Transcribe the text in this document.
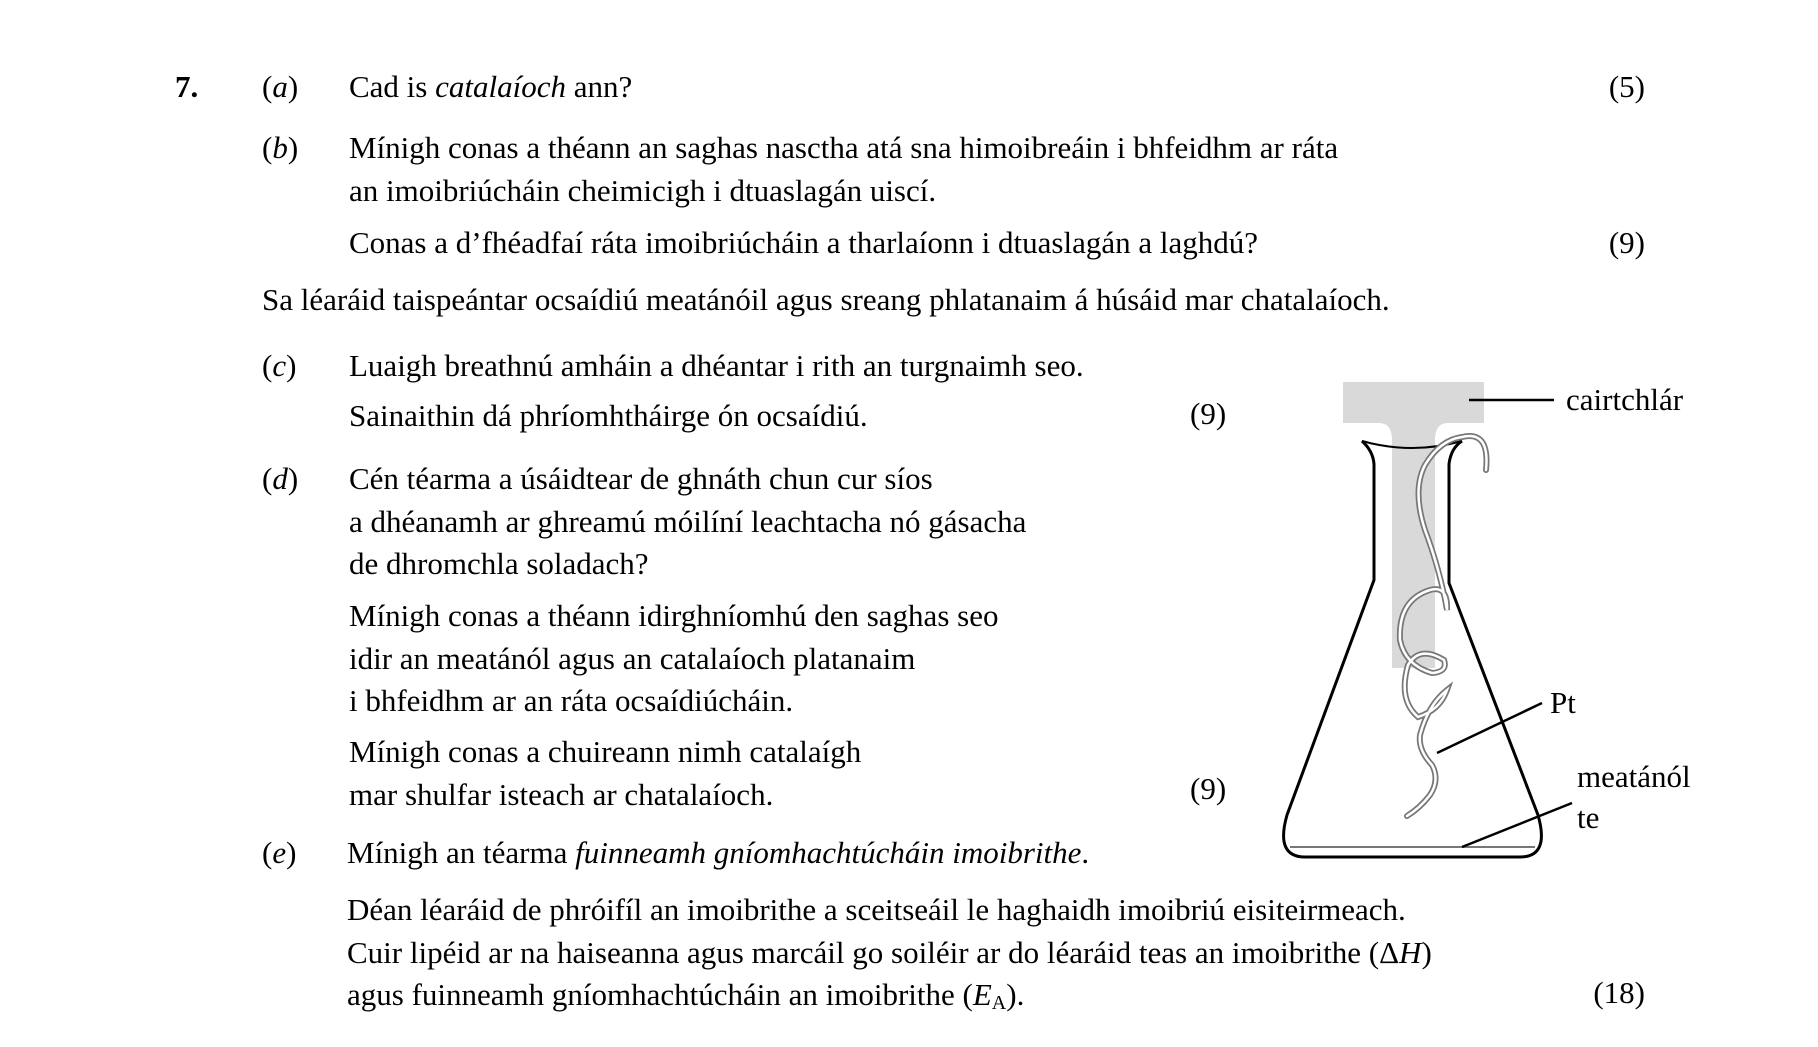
7. (a) Cad is catalaíoch ann?	(5)
(b) Mínigh conas a théann an saghas nasctha atá sna himoibreáin i bhfeidhm ar ráta
an imoibriúcháin cheimicigh i dtuaslagán uiscí.
Conas a d’fhéadfaí ráta imoibriúcháin a tharlaíonn i dtuaslagán a laghdú?	(9)
Sa léaráid taispeántar ocsaídiú meatánóil agus sreang phlatanaim á húsáid mar chatalaíoch.
(c) Luaigh breathnú amháin a dhéantar i rith an turgnaimh seo.
Sainaithin dá phríomhtháirge ón ocsaídiú.	(9)
(d) Cén téarma a úsáidtear de ghnáth chun cur síos
a dhéanamh ar ghreamú móilíní leachtacha nó gásacha
de dhromchla soladach?
Mínigh conas a théann idirghníomhú den saghas seo
idir an meatánól agus an catalaíoch platanaim
i bhfeidhm ar an ráta ocsaídiúcháin.
Mínigh conas a chuireann nimh catalaígh
mar shulfar isteach ar chatalaíoch.	(9)
(e) Mínigh an téarma fuinneamh gníomhachtúcháin imoibrithe.
Déan léaráid de phróifíl an imoibrithe a sceitseáil le haghaidh imoibriú eisiteirmeach.
Cuir lipéid ar na haiseanna agus marcáil go soiléir ar do léaráid teas an imoibrithe (ΔH)
agus fuinneamh gníomhachtúcháin an imoibrithe $(E_A)$.	(18)
cairtchlár
Pt
meatánól
te
